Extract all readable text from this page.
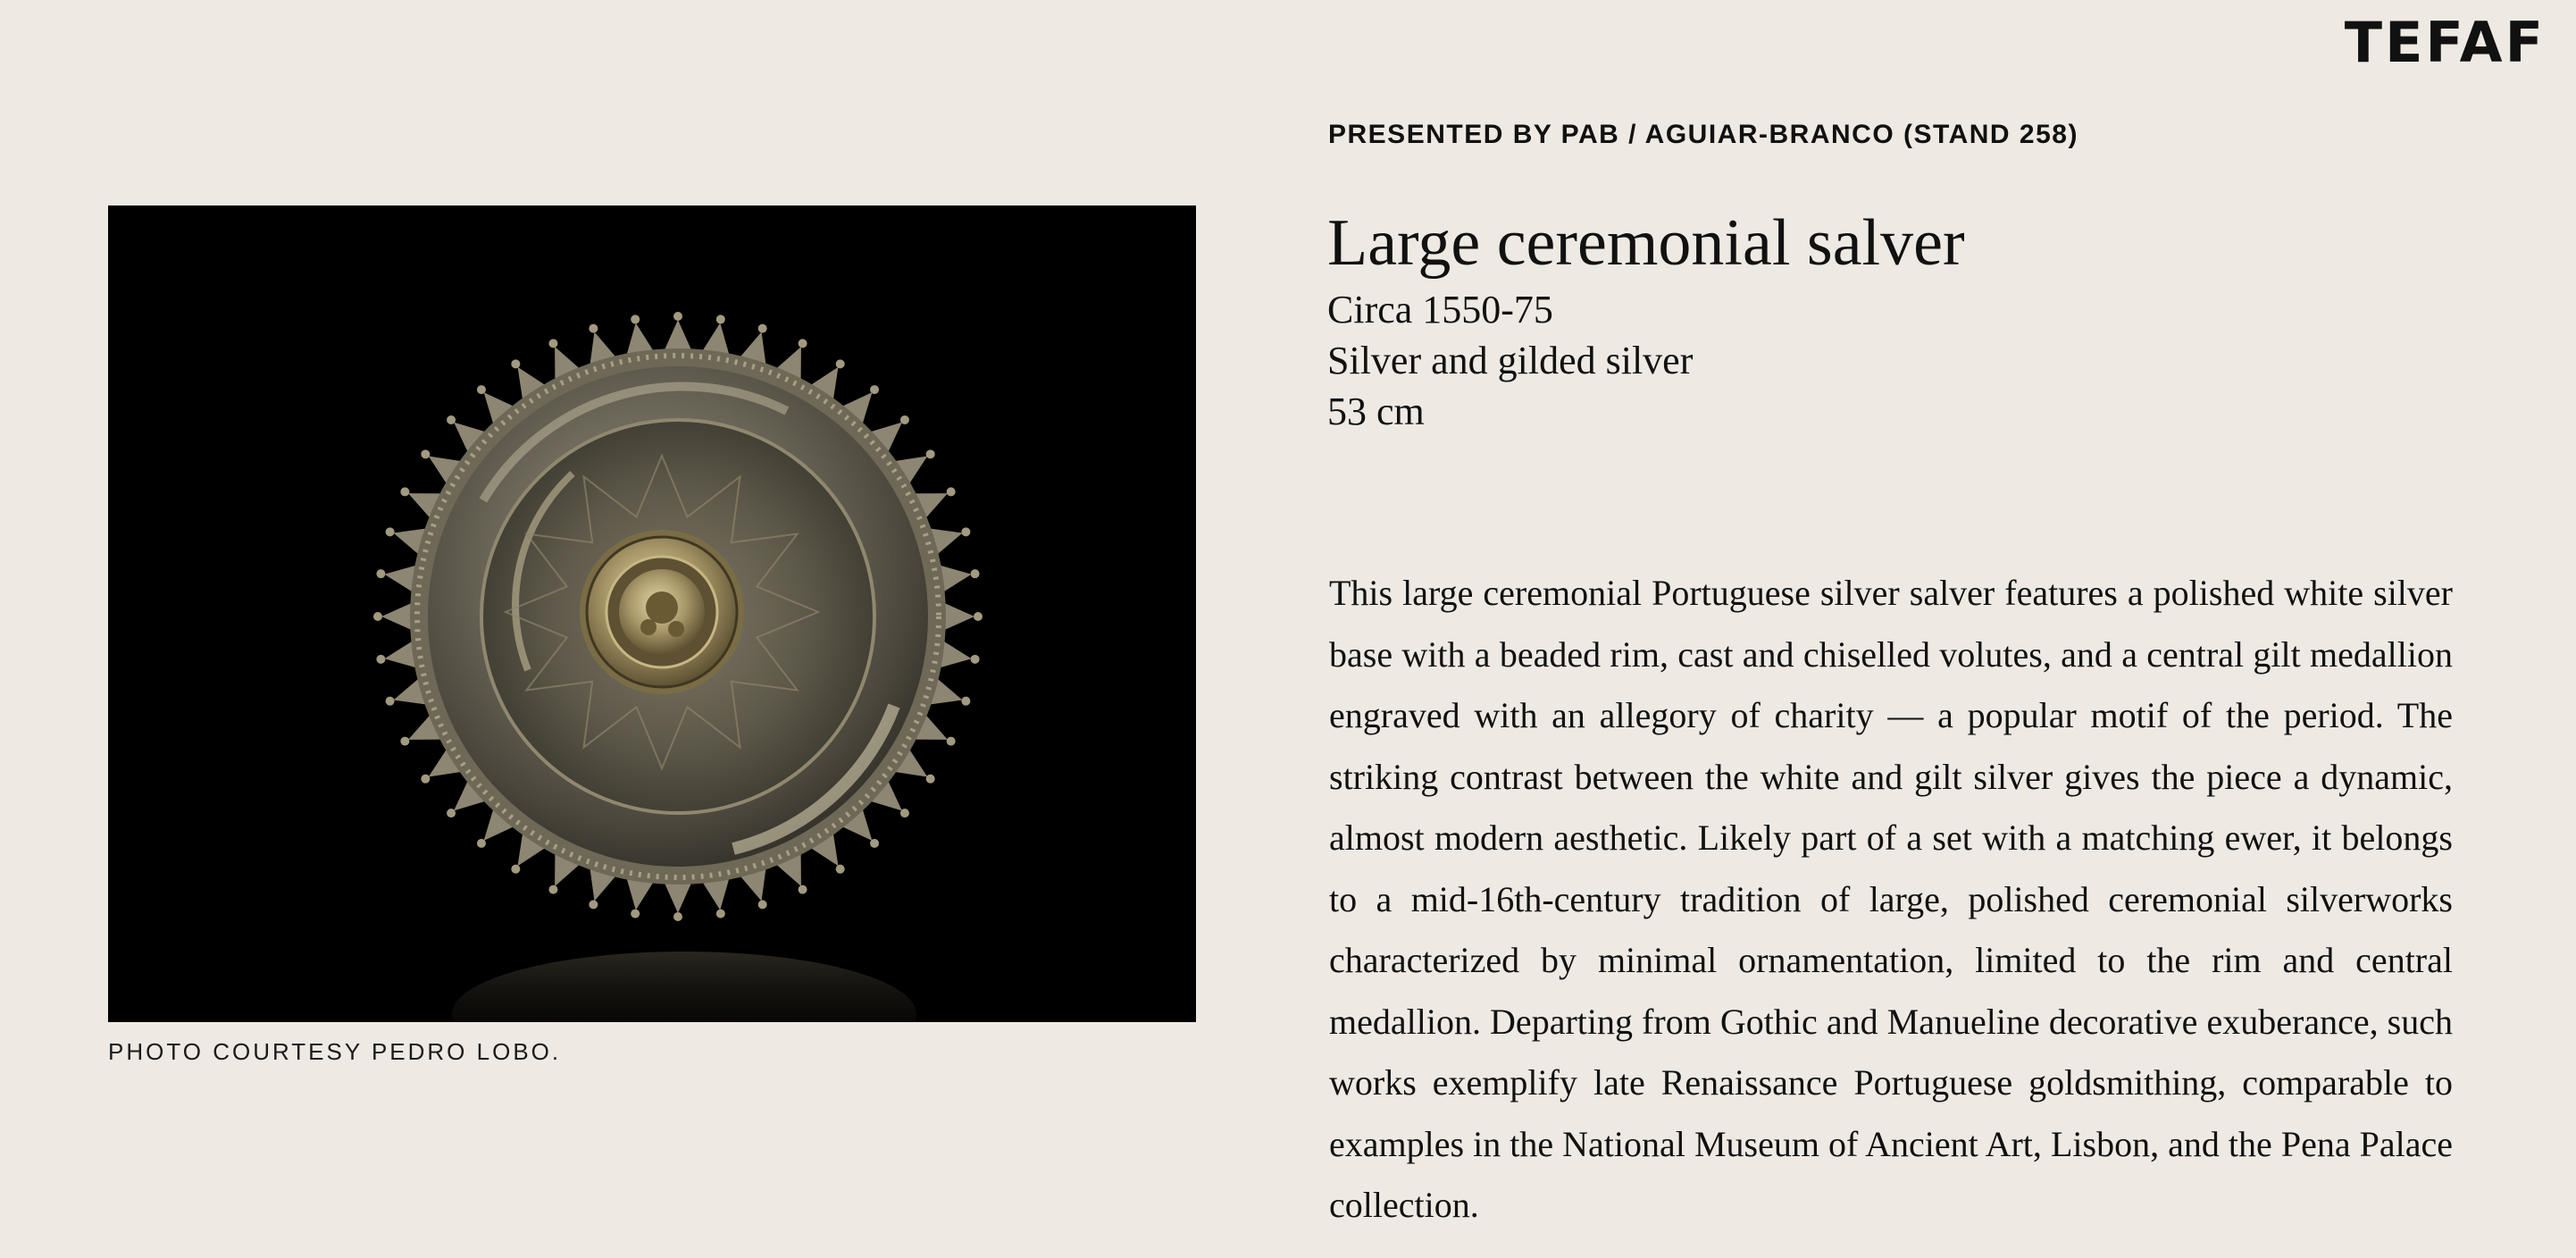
TEFAF
PRESENTED BY PAB / AGUIAR-BRANCO (STAND 258)
PHOTO COURTESY PEDRO LOBO.
Large ceremonial salver
Circa 1550-75
Silver and gilded silver
53 cm

This large ceremonial Portuguese silver salver features a polished white silver base with a beaded rim, cast and chiselled volutes, and a central gilt medallion engraved with an allegory of charity — a popular motif of the period. The striking contrast between the white and gilt silver gives the piece a dynamic, almost modern aesthetic. Likely part of a set with a matching ewer, it belongs to a mid-16th-century tradition of large, polished ceremonial silverworks characterized by minimal ornamentation, limited to the rim and central medallion. Departing from Gothic and Manueline decorative exuberance, such works exemplify late Renaissance Portuguese goldsmithing, comparable to examples in the National Museum of Ancient Art, Lisbon, and the Pena Palace collection.
